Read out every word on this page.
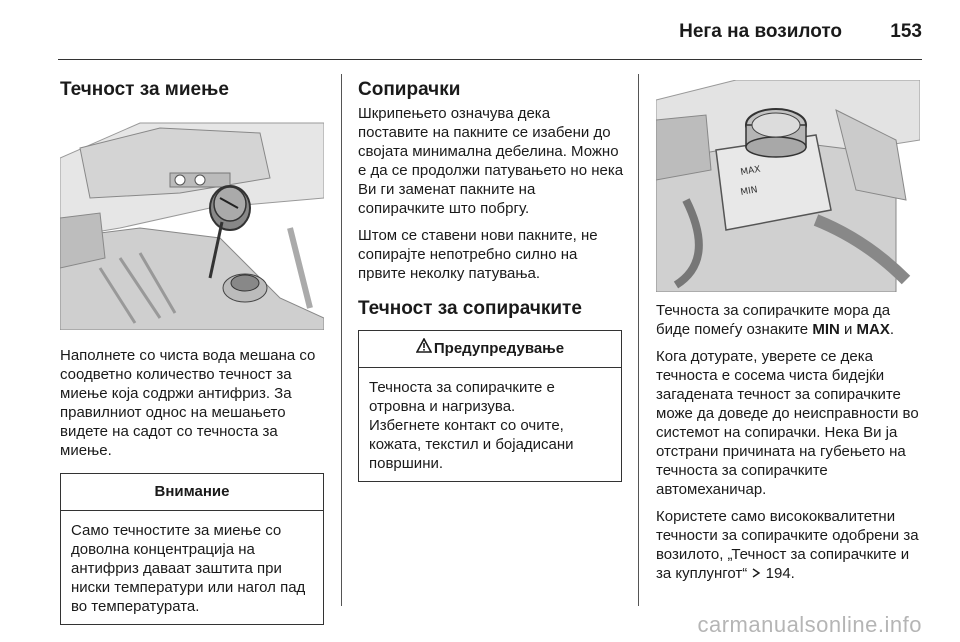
Нега на возилото	153
Течност за миење

Наполнете со чиста вода мешана со соодветно количество течност за миење која содржи антифриз. За правилниот однос на мешањето видете на садот со течноста за миење.

Внимание
Само течностите за миење со доволна концентрација на антифриз даваат заштита при ниски температури или нагол пад во температурата.
Сопирачки

Шкрипењето означува дека поставите на пакните се изабени до својата минимална дебелина. Можно е да се продолжи патувањето но нека Ви ги заменат пакните на сопирачките што побргу.

Штом се ставени нови пакните, не сопирајте непотребно силно на првите неколку патувања.

Течност за сопирачките
Предупредување

Течноста за сопирачките е отровна и нагризува.

Избегнете контакт со очите, кожата, текстил и бојадисани површини.

MAX
MIN

Течноста за сопирачките мора да биде помеѓу ознаките MIN и MAX.

Кога дотурате, уверете се дека течноста е сосема чиста бидејќи загадената течност за сопирачките може да доведе до неисправности во системот на сопирачки. Нека Ви ја отстрани причината на губењето на течноста за сопирачките автомеханичар.

Користете само висококвалитетни течности за сопирачките одобрени за возилото, „Течност за сопирачките и за куплунгот“  194.

carmanualsonline.info
